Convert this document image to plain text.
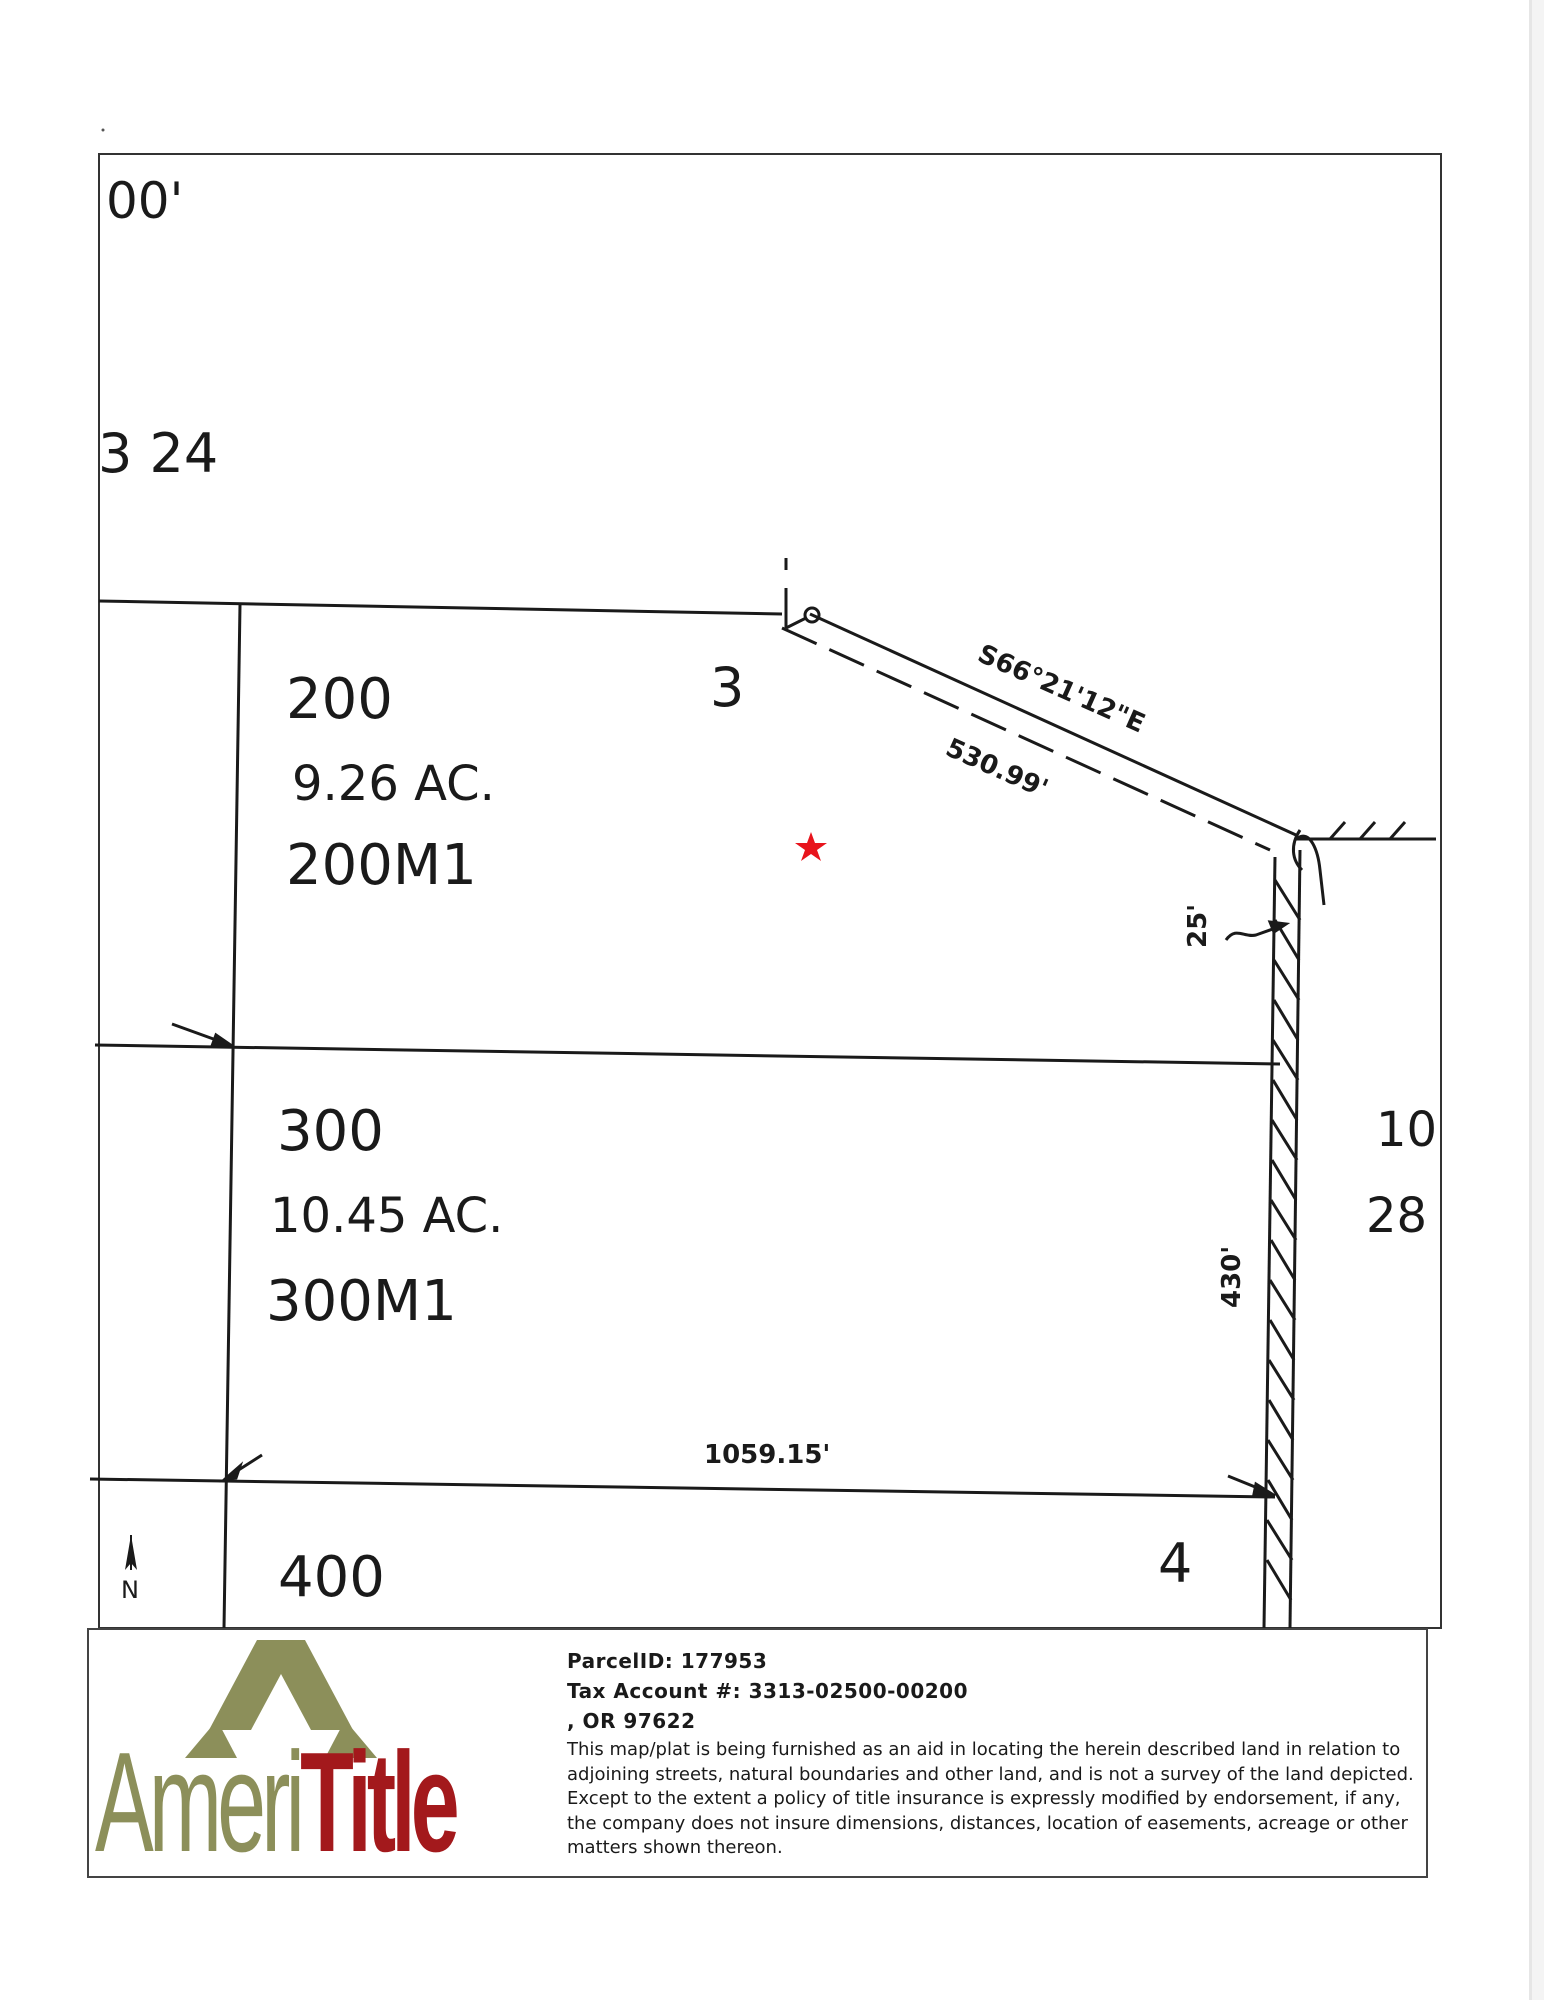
N
00'
3 24
10
28
200
9.26 AC.
200M1
300
10.45 AC.
300M1
400
3
4
S66°21'12"E
530.99'
1059.15'
25'
430'
AmeriTitle
ParcelID: 177953
Tax Account #: 3313-02500-00200
, OR 97622
This map/plat is being furnished as an aid in locating the herein described land in relation to adjoining streets, natural boundaries and other land, and is not a survey of the land depicted. Except to the extent a policy of title insurance is expressly modified by endorsement, if any, the company does not insure dimensions, distances, location of easements, acreage or other matters shown thereon.
